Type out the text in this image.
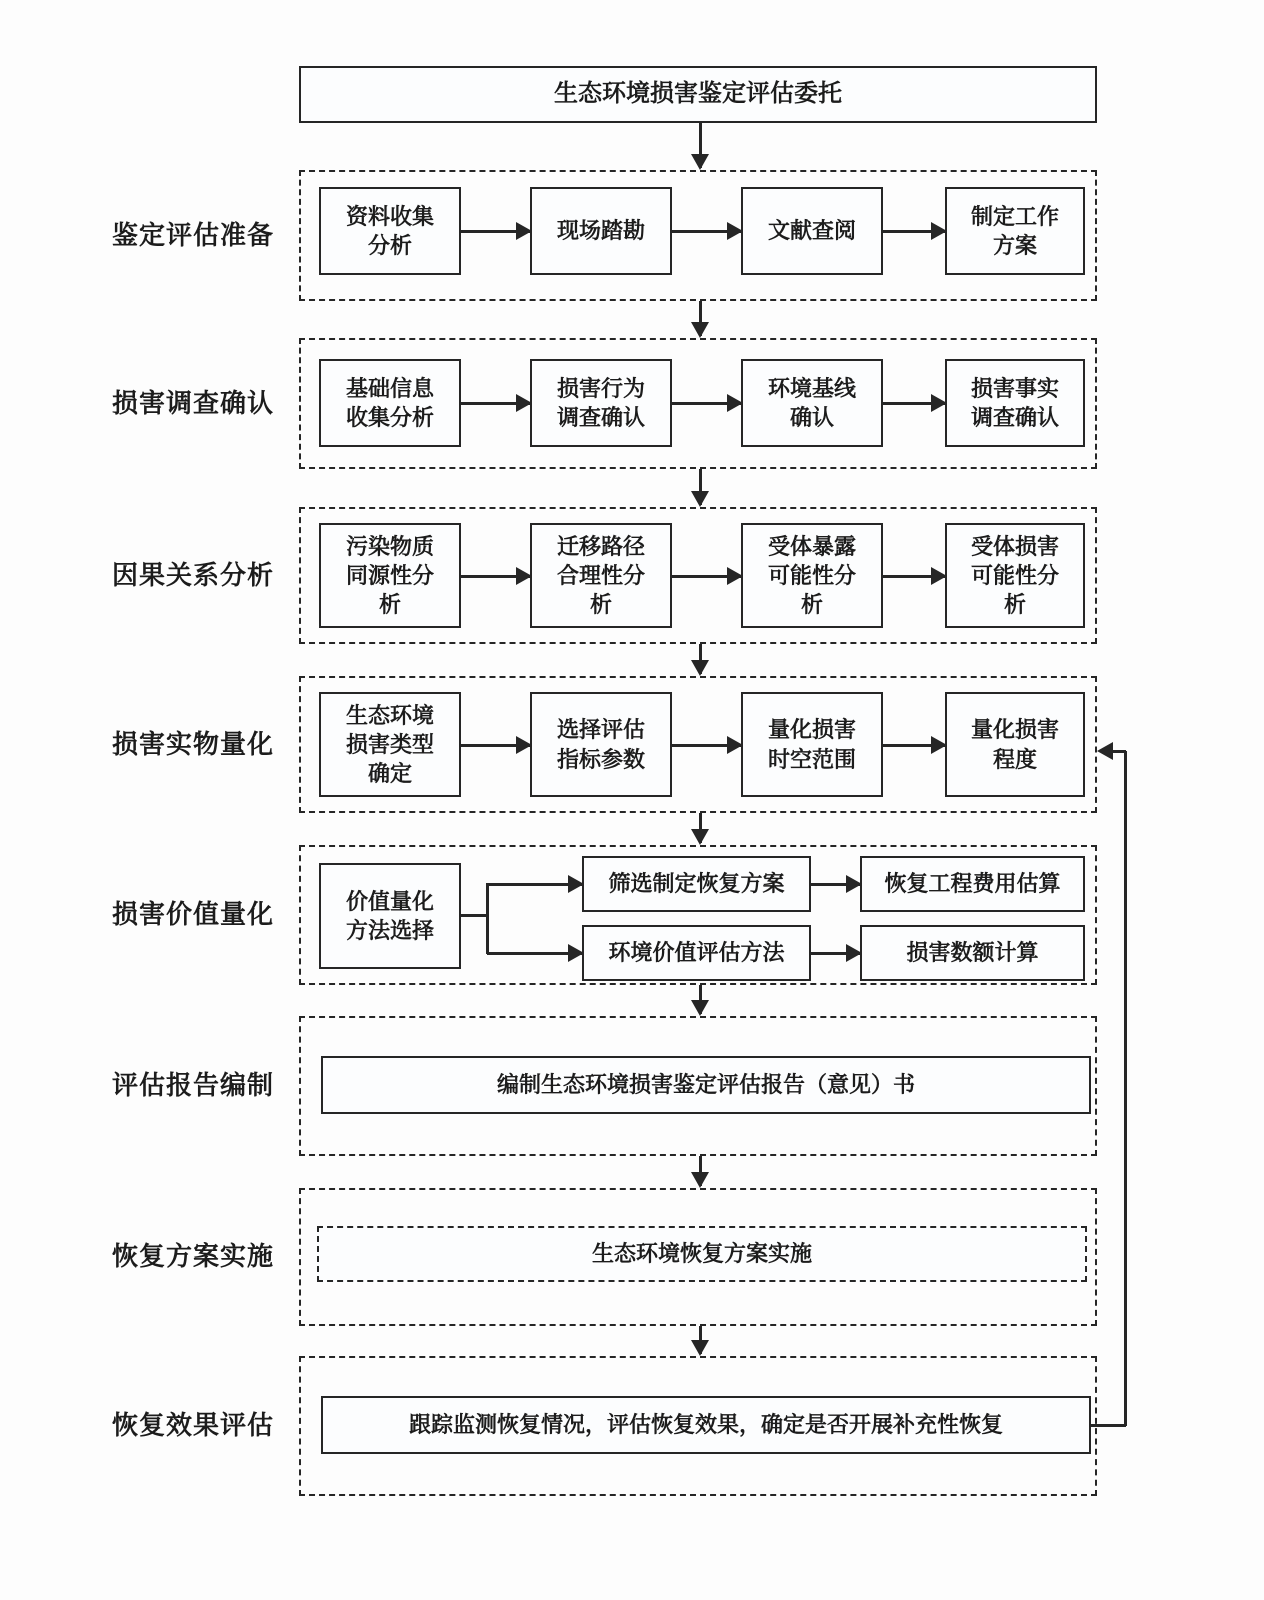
生态环境损害鉴定评估委托
鉴定评估准备
损害调查确认
因果关系分析
损害实物量化
损害价值量化
评估报告编制
恢复方案实施
恢复效果评估
资料收集分析
现场踏勘	文献查阅
制定工作方案
基础信息收集分析
损害行为调查确认
环境基线确认
损害事实调查确认
污染物质同源性分析
迁移路径合理性分析
受体暴露可能性分析
受体损害可能性分析
生态环境损害类型确定
选择评估指标参数
量化损害时空范围
量化损害程度
价值量化方法选择
筛选制定恢复方案	恢复工程费用估算
环境价值评估方法	损害数额计算
编制生态环境损害鉴定评估报告（意见）书
生态环境恢复方案实施
跟踪监测恢复情况，评估恢复效果，确定是否开展补充性恢复
